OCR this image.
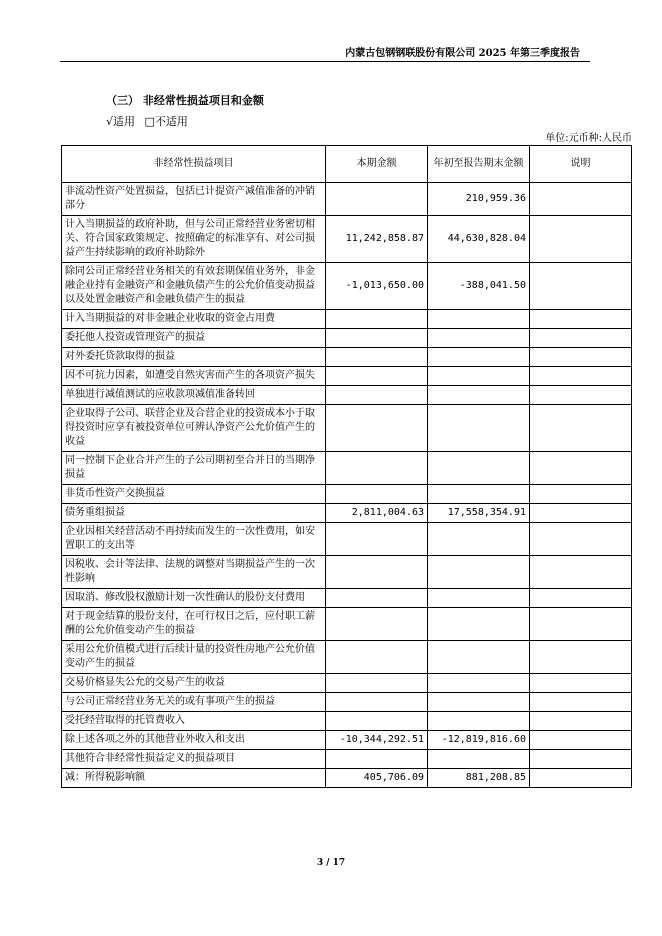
内蒙古包钢钢联股份有限公司 2025 年第三季度报告
（三） 非经常性损益项目和金额
√适用 □不适用
单位:元币种:人民币
非经常性损益项目	本期金额	年初至报告期末金额	说明
非流动性资产处置损益，包括已计提资产减值准备的冲销部分		210,959.36	
计入当期损益的政府补助，但与公司正常经营业务密切相关、符合国家政策规定、按照确定的标准享有、对公司损益产生持续影响的政府补助除外	11,242,858.87	44,630,828.04	
除同公司正常经营业务相关的有效套期保值业务外，非金融企业持有金融资产和金融负债产生的公允价值变动损益以及处置金融资产和金融负债产生的损益	-1,013,650.00	-388,041.50	
计入当期损益的对非金融企业收取的资金占用费			
委托他人投资或管理资产的损益			
对外委托贷款取得的损益			
因不可抗力因素，如遭受自然灾害而产生的各项资产损失			
单独进行减值测试的应收款项减值准备转回			
企业取得子公司、联营企业及合营企业的投资成本小于取得投资时应享有被投资单位可辨认净资产公允价值产生的收益			
同一控制下企业合并产生的子公司期初至合并日的当期净损益			
非货币性资产交换损益			
债务重组损益	2,811,004.63	17,558,354.91	
企业因相关经营活动不再持续而发生的一次性费用，如安置职工的支出等			
因税收、会计等法律、法规的调整对当期损益产生的一次性影响			
因取消、修改股权激励计划一次性确认的股份支付费用			
对于现金结算的股份支付，在可行权日之后，应付职工薪酬的公允价值变动产生的损益			
采用公允价值模式进行后续计量的投资性房地产公允价值变动产生的损益			
交易价格显失公允的交易产生的收益			
与公司正常经营业务无关的或有事项产生的损益			
受托经营取得的托管费收入			
除上述各项之外的其他营业外收入和支出	-10,344,292.51	-12,819,816.60	
其他符合非经常性损益定义的损益项目			
减：所得税影响额	405,706.09	881,208.85	
3 / 17
